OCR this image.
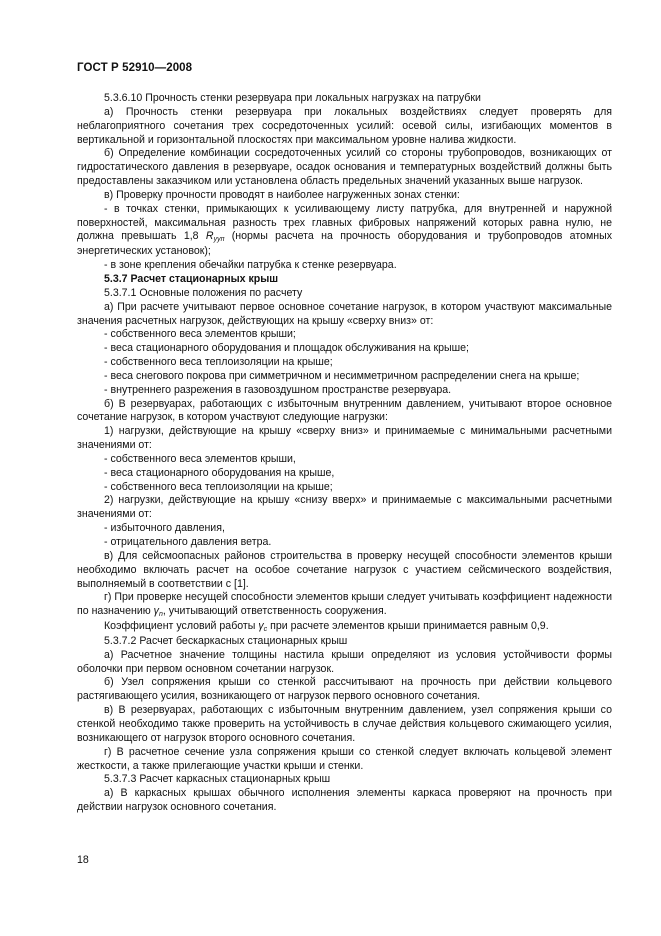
ГОСТ Р 52910—2008

5.3.6.10 Прочность стенки резервуара при локальных нагрузках на патрубки

а) Прочность стенки резервуара при локальных воздействиях следует проверять для неблагоприятного сочетания трех сосредоточенных усилий: осевой силы, изгибающих моментов в вертикальной и горизонтальной плоскостях при максимальном уровне налива жидкости.

б) Определение комбинации сосредоточенных усилий со стороны трубопроводов, возникающих от гидростатического давления в резервуаре, осадок основания и температурных воздействий должны быть предоставлены заказчиком или установлена область предельных значений указанных выше нагрузок.

в) Проверку прочности проводят в наиболее нагруженных зонах стенки:

- в точках стенки, примыкающих к усиливающему листу патрубка, для внутренней и наружной поверхностей, максимальная разность трех главных фибровых напряжений которых равна нулю, не должна превышать 1,8 Rууп (нормы расчета на прочность оборудования и трубопроводов атомных энергетических установок);

- в зоне крепления обечайки патрубка к стенке резервуара.

5.3.7 Расчет стационарных крыш

5.3.7.1 Основные положения по расчету

а) При расчете учитывают первое основное сочетание нагрузок, в котором участвуют максимальные значения расчетных нагрузок, действующих на крышу «сверху вниз» от:

- собственного веса элементов крыши;

- веса стационарного оборудования и площадок обслуживания на крыше;

- собственного веса теплоизоляции на крыше;

- веса снегового покрова при симметричном и несимметричном распределении снега на крыше;

- внутреннего разрежения в газовоздушном пространстве резервуара.

б) В резервуарах, работающих с избыточным внутренним давлением, учитывают второе основное сочетание нагрузок, в котором участвуют следующие нагрузки:

1) нагрузки, действующие на крышу «сверху вниз» и принимаемые с минимальными расчетными значениями от:

- собственного веса элементов крыши,

- веса стационарного оборудования на крыше,

- собственного веса теплоизоляции на крыше;

2) нагрузки, действующие на крышу «снизу вверх» и принимаемые с максимальными расчетными значениями от:

- избыточного давления,

- отрицательного давления ветра.

в) Для сейсмоопасных районов строительства в проверку несущей способности элементов крыши необходимо включать расчет на особое сочетание нагрузок с участием сейсмического воздействия, выполняемый в соответствии с [1].

г) При проверке несущей способности элементов крыши следует учитывать коэффициент надежности по назначению γn, учитывающий ответственность сооружения.

Коэффициент условий работы γc при расчете элементов крыши принимается равным 0,9.

5.3.7.2 Расчет бескаркасных стационарных крыш

а) Расчетное значение толщины настила крыши определяют из условия устойчивости формы оболочки при первом основном сочетании нагрузок.

б) Узел сопряжения крыши со стенкой рассчитывают на прочность при действии кольцевого растягивающего усилия, возникающего от нагрузок первого основного сочетания.

в) В резервуарах, работающих с избыточным внутренним давлением, узел сопряжения крыши со стенкой необходимо также проверить на устойчивость в случае действия кольцевого сжимающего усилия, возникающего от нагрузок второго основного сочетания.

г) В расчетное сечение узла сопряжения крыши со стенкой следует включать кольцевой элемент жесткости, а также прилегающие участки крыши и стенки.

5.3.7.3 Расчет каркасных стационарных крыш

а) В каркасных крышах обычного исполнения элементы каркаса проверяют на прочность при действии нагрузок основного сочетания.

18
